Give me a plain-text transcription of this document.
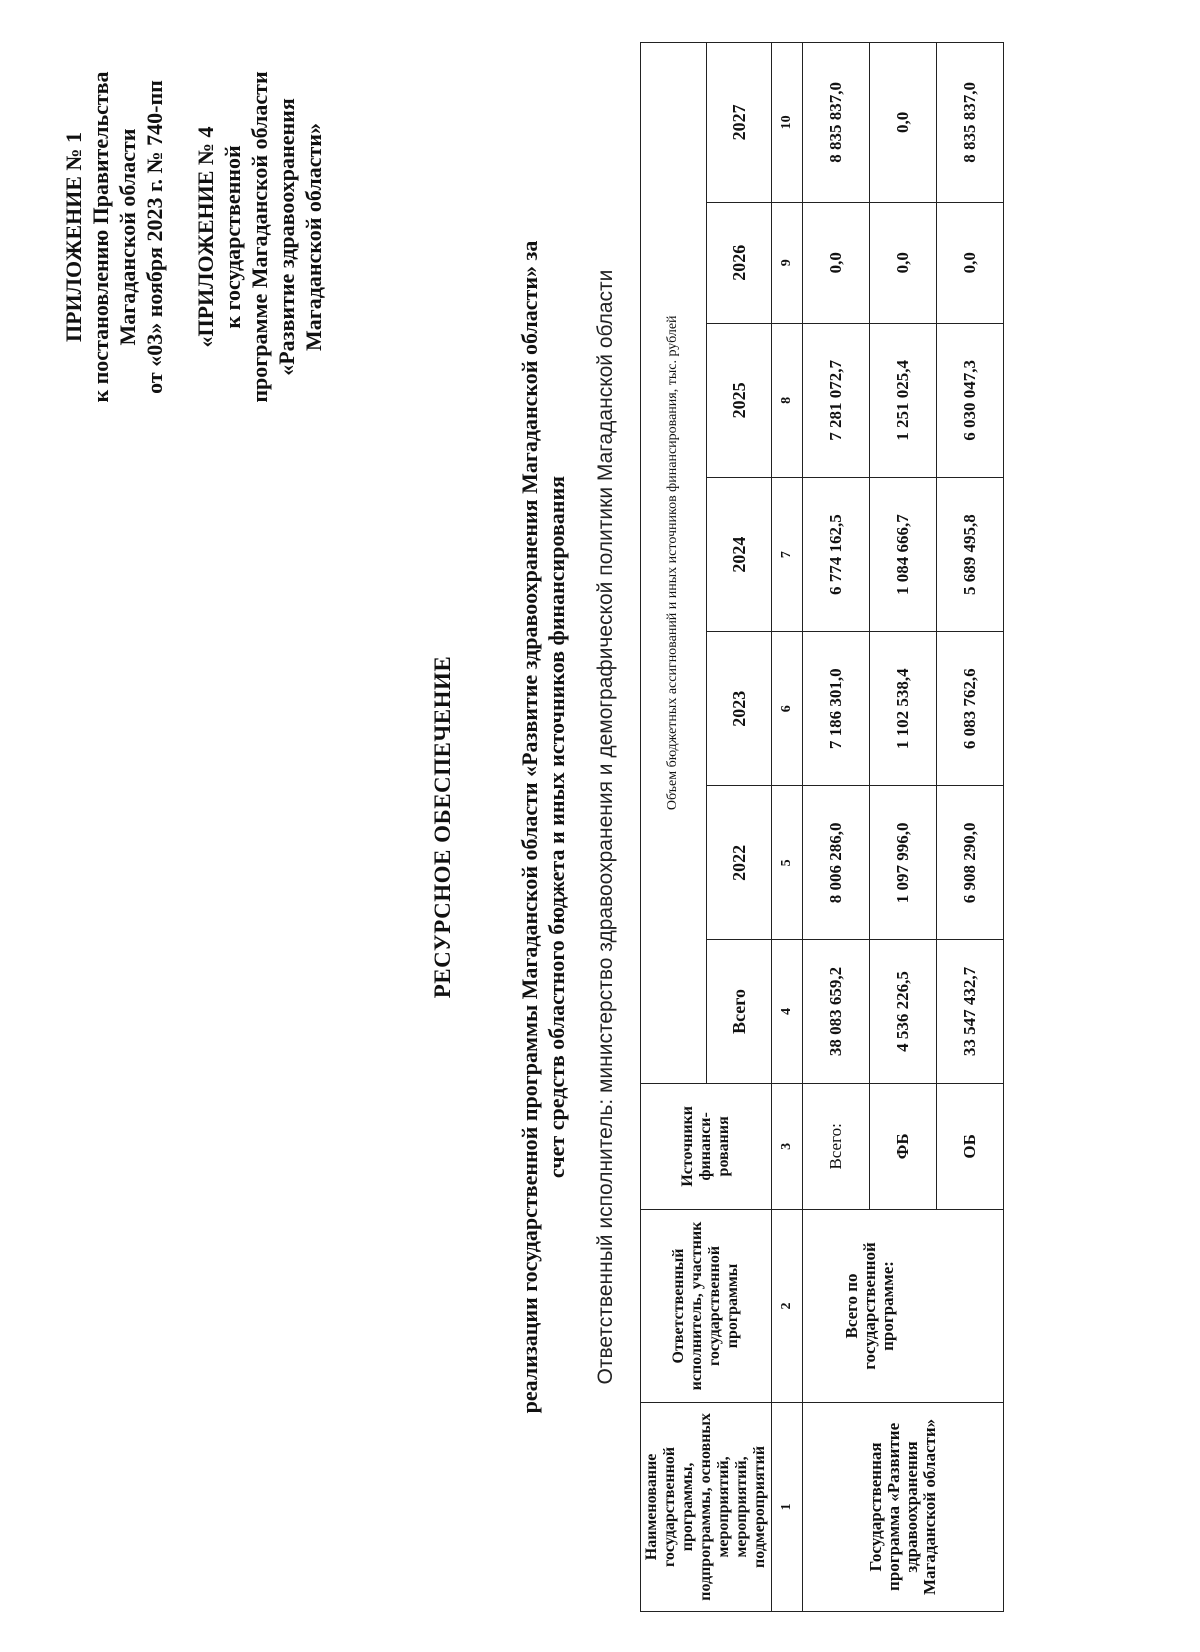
ПРИЛОЖЕНИЕ № 1 к постановлению Правительства Магаданской области от «03» ноября 2023 г. № 740-пп «ПРИЛОЖЕНИЕ № 4 к государственной программе Магаданской области «Развитие здравоохранения Магаданской области»
РЕСУРСНОЕ ОБЕСПЕЧЕНИЕ	реализации государственной программы Магаданской области «Развитие здравоохранения Магаданской области» за счет средств областного бюджета и иных источников финансирования Ответственный исполнитель: министерство здравоохранения и демографической политики Магаданской области
Наименование государственной программы, подпрограммы, основных мероприятий, мероприятий, подмероприятий	Ответственный исполнитель, участник государственной программы	Источники финанси-рования	Объем бюджетных ассигнований и иных источников финансирования, тыс. рублей						
			Всего	2022	2023	2024	2025	2026	2027
1	2	3	4	5	6	7	8	9	10
Государственная программа «Развитие здравоохранения Магаданской области»	Всего по государственной программе:	Всего:	38 083 659,2	8 006 286,0	7 186 301,0	6 774 162,5	7 281 072,7	0,0	8 835 837,0
		ФБ	4 536 226,5	1 097 996,0	1 102 538,4	1 084 666,7	1 251 025,4	0,0	0,0
		ОБ	33 547 432,7	6 908 290,0	6 083 762,6	5 689 495,8	6 030 047,3	0,0	8 835 837,0
